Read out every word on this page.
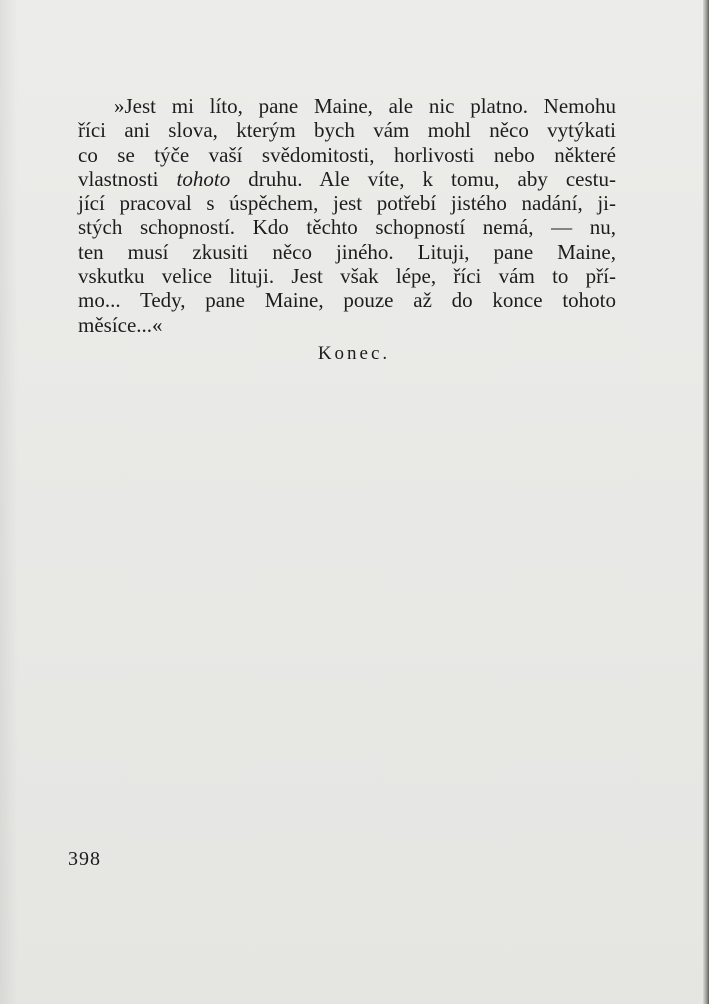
»Jest mi líto, pane Maine, ale nic platno. Nemohu
říci ani slova, kterým bych vám mohl něco vytýkati
co se týče vaší svědomitosti, horlivosti nebo některé
vlastnosti tohoto druhu. Ale víte, k tomu, aby cestu-
jící pracoval s úspěchem, jest potřebí jistého nadání, ji-
stých schopností. Kdo těchto schopností nemá, — nu,
ten musí zkusiti něco jiného. Lituji, pane Maine,
vskutku velice lituji. Jest však lépe, říci vám to pří-
mo... Tedy, pane Maine, pouze až do konce tohoto
měsíce...«
Konec.
398
